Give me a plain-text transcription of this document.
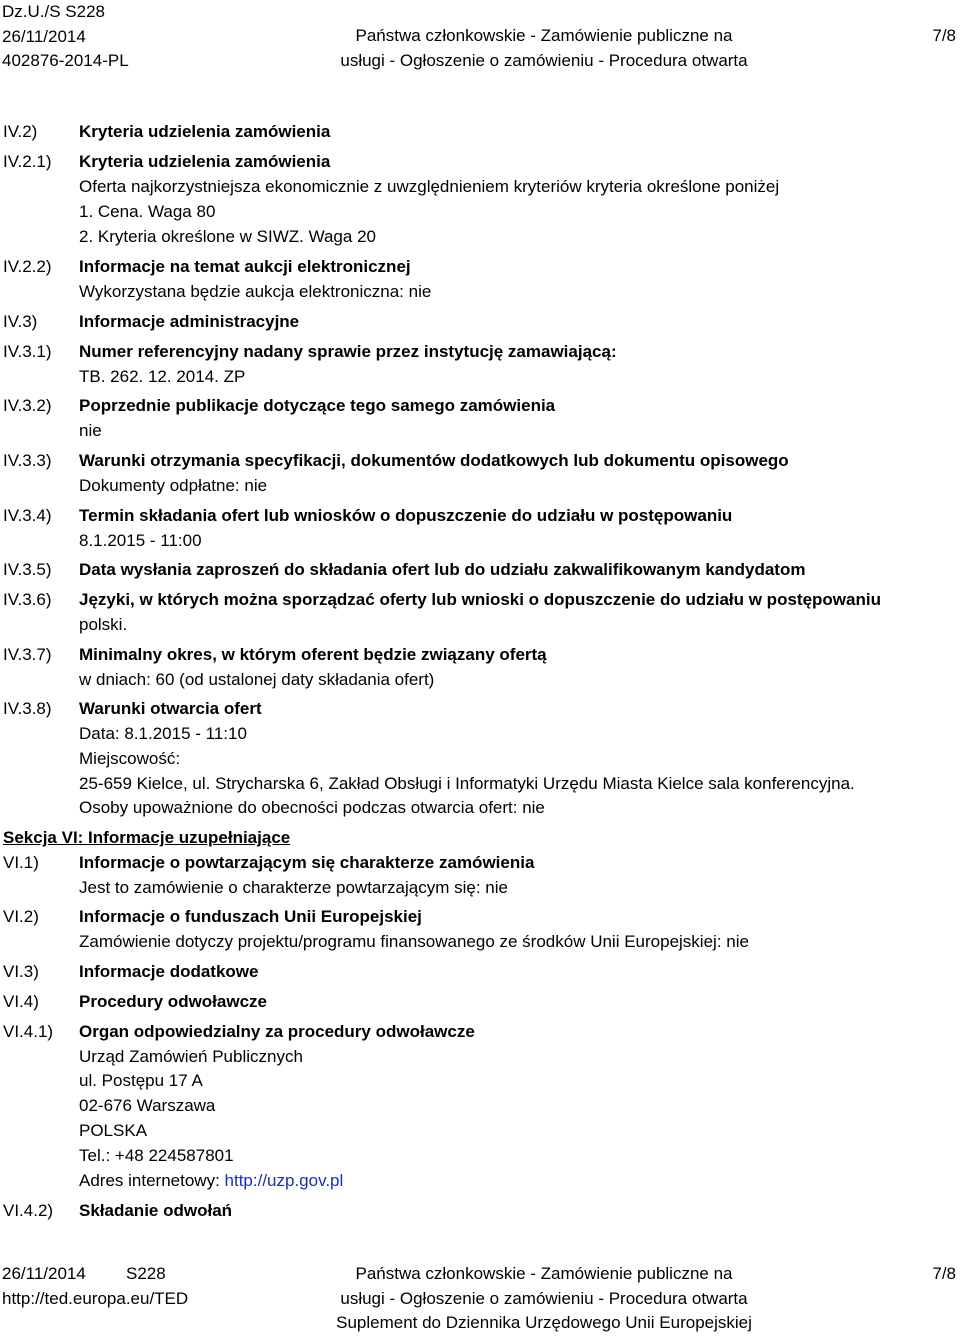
Dz.U./S S228
26/11/2014
402876-2014-PL
Państwa członkowskie - Zamówienie publiczne na
usługi - Ogłoszenie o zamówieniu - Procedura otwarta
7/8
IV.2) Kryteria udzielenia zamówienia
IV.2.1) Kryteria udzielenia zamówienia
Oferta najkorzystniejsza ekonomicznie z uwzględnieniem kryteriów kryteria określone poniżej
1. Cena. Waga 80
2. Kryteria określone w SIWZ. Waga 20
IV.2.2) Informacje na temat aukcji elektronicznej
Wykorzystana będzie aukcja elektroniczna: nie
IV.3) Informacje administracyjne
IV.3.1) Numer referencyjny nadany sprawie przez instytucję zamawiającą:
TB. 262. 12. 2014. ZP
IV.3.2) Poprzednie publikacje dotyczące tego samego zamówienia
nie
IV.3.3) Warunki otrzymania specyfikacji, dokumentów dodatkowych lub dokumentu opisowego
Dokumenty odpłatne: nie
IV.3.4) Termin składania ofert lub wniosków o dopuszczenie do udziału w postępowaniu
8.1.2015 - 11:00
IV.3.5) Data wysłania zaproszeń do składania ofert lub do udziału zakwalifikowanym kandydatom
IV.3.6) Języki, w których można sporządzać oferty lub wnioski o dopuszczenie do udziału w postępowaniu
polski.
IV.3.7) Minimalny okres, w którym oferent będzie związany ofertą
w dniach: 60 (od ustalonej daty składania ofert)
IV.3.8) Warunki otwarcia ofert
Data: 8.1.2015 - 11:10
Miejscowość:
25-659 Kielce, ul. Strycharska 6, Zakład Obsługi i Informatyki Urzędu Miasta Kielce sala konferencyjna.
Osoby upoważnione do obecności podczas otwarcia ofert: nie
Sekcja VI: Informacje uzupełniające
VI.1) Informacje o powtarzającym się charakterze zamówienia
Jest to zamówienie o charakterze powtarzającym się: nie
VI.2) Informacje o funduszach Unii Europejskiej
Zamówienie dotyczy projektu/programu finansowanego ze środków Unii Europejskiej: nie
VI.3) Informacje dodatkowe
VI.4) Procedury odwoławcze
VI.4.1) Organ odpowiedzialny za procedury odwoławcze
Urząd Zamówień Publicznych
ul. Postępu 17 A
02-676 Warszawa
POLSKA
Tel.: +48 224587801
Adres internetowy: http://uzp.gov.pl
VI.4.2) Składanie odwołań
26/11/2014
http://ted.europa.eu/TED
S228	Państwa członkowskie - Zamówienie publiczne na
usługi - Ogłoszenie o zamówieniu - Procedura otwarta
Suplement do Dziennika Urzędowego Unii Europejskiej
7/8
